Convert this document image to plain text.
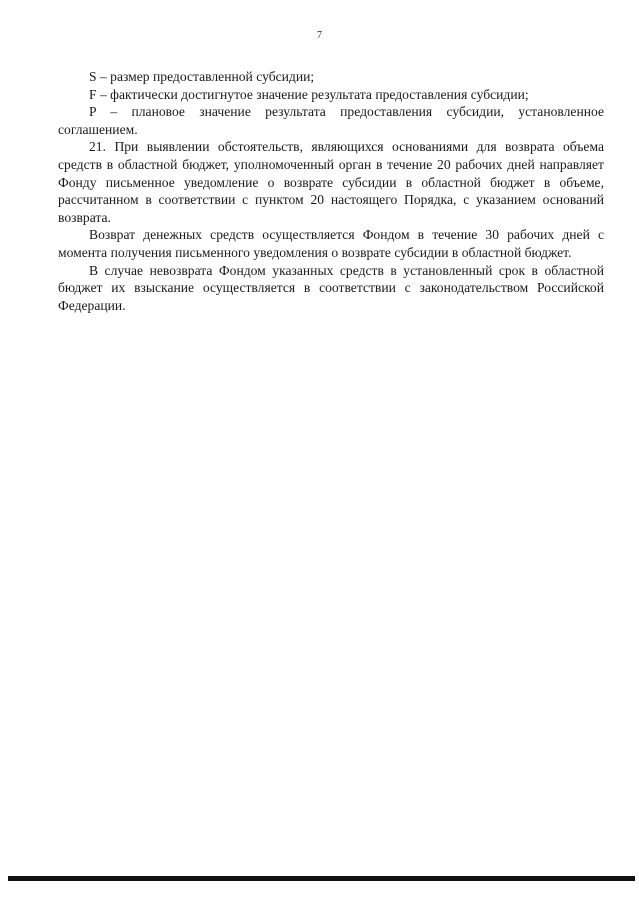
7

S – размер предоставленной субсидии;

F – фактически достигнутое значение результата предоставления субсидии;

P – плановое значение результата предоставления субсидии, установленное соглашением.

21. При выявлении обстоятельств, являющихся основаниями для возврата объема средств в областной бюджет, уполномоченный орган в течение 20 рабочих дней направляет Фонду письменное уведомление о возврате субсидии в областной бюджет в объеме, рассчитанном в соответствии с пунктом 20 настоящего Порядка, с указанием оснований возврата.

Возврат денежных средств осуществляется Фондом в течение 30 рабочих дней с момента получения письменного уведомления о возврате субсидии в областной бюджет.

В случае невозврата Фондом указанных средств в установленный срок в областной бюджет их взыскание осуществляется в соответствии с законодательством Российской Федерации.
